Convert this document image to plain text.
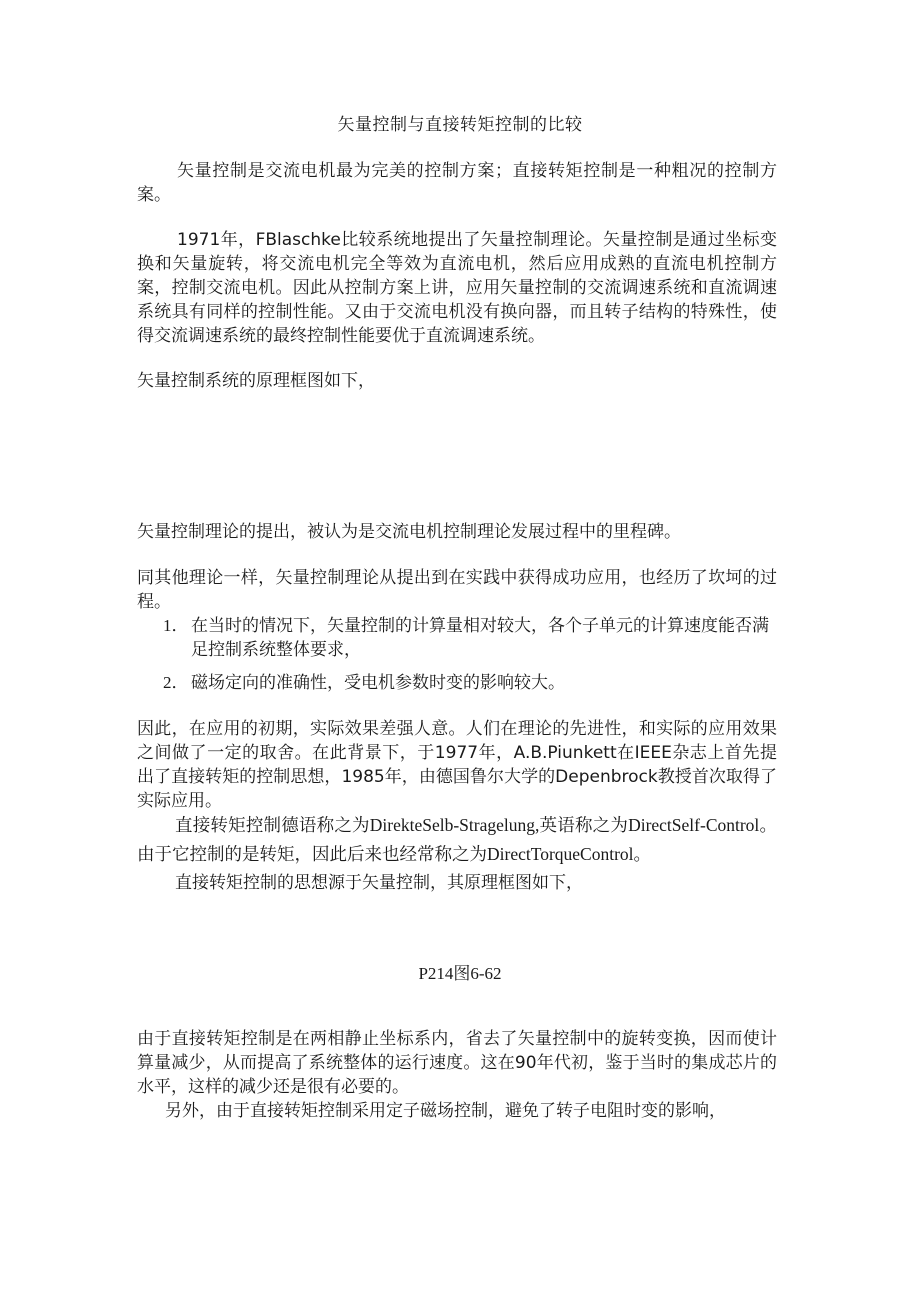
矢量控制与直接转矩控制的比较

矢量控制是交流电机最为完美的控制方案；直接转矩控制是一种粗况的控制方案。

1971年，FBlaschke比较系统地提出了矢量控制理论。矢量控制是通过坐标变换和矢量旋转，将交流电机完全等效为直流电机，然后应用成熟的直流电机控制方案，控制交流电机。因此从控制方案上讲，应用矢量控制的交流调速系统和直流调速系统具有同样的控制性能。又由于交流电机没有换向器，而且转子结构的特殊性，使得交流调速系统的最终控制性能要优于直流调速系统。

矢量控制系统的原理框图如下，

矢量控制理论的提出，被认为是交流电机控制理论发展过程中的里程碑。

同其他理论一样，矢量控制理论从提出到在实践中获得成功应用，也经历了坎坷的过程。

1． 在当时的情况下，矢量控制的计算量相对较大，各个子单元的计算速度能否满足控制系统整体要求，
2． 磁场定向的准确性，受电机参数时变的影响较大。

因此，在应用的初期，实际效果差强人意。人们在理论的先进性，和实际的应用效果之间做了一定的取舍。在此背景下，于1977年，A.B.Piunkett在IEEE杂志上首先提出了直接转矩的控制思想，1985年，由德国鲁尔大学的Depenbrock教授首次取得了实际应用。

直接转矩控制德语称之为DirekteSelb-Stragelung,英语称之为DirectSelf-Control。由于它控制的是转矩，因此后来也经常称之为DirectTorqueControl。

直接转矩控制的思想源于矢量控制，其原理框图如下，

P214图6-62

由于直接转矩控制是在两相静止坐标系内，省去了矢量控制中的旋转变换，因而使计算量减少，从而提高了系统整体的运行速度。这在90年代初，鉴于当时的集成芯片的水平，这样的减少还是很有必要的。

另外，由于直接转矩控制采用定子磁场控制，避免了转子电阻时变的影响，
